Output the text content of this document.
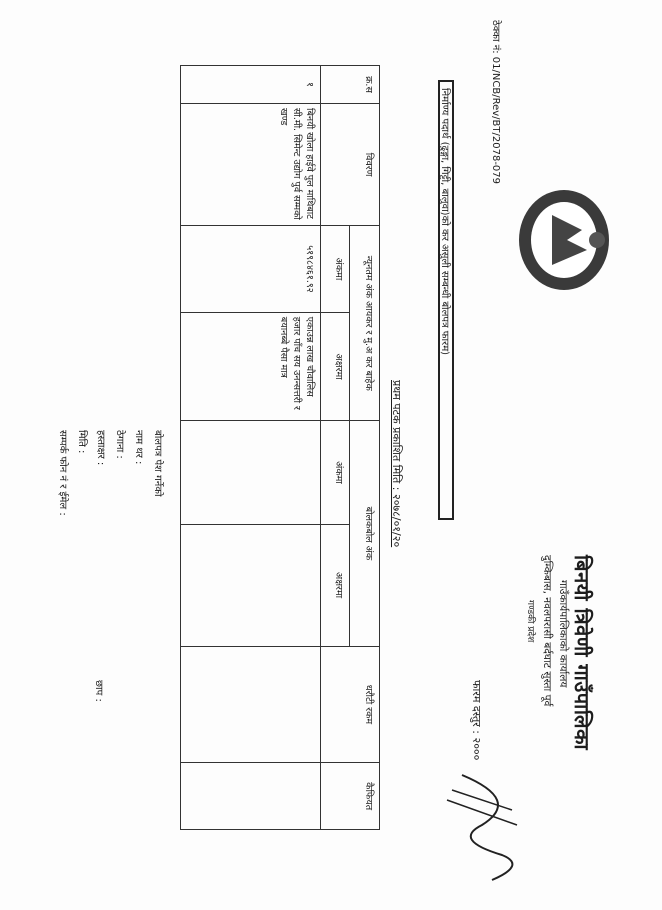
बिनयी त्रिवेणी गाउँपालिका
गाउँकार्यपालिकाको कार्यालय
दुम्किबास, नवलपरासी बर्दघाट सुस्ता पूर्व
गण्डकी प्रदेश
ठेक्का नं: 01/NCB/Rev/BT/2078-079
निर्माण्य पदार्थ (ढुङ्गा, गिट्टी, बालुवा)को कर असुली सम्बन्धी बोलपत्र फारम)
फारम दस्तुर : २०००
प्रथम पटक प्रकाशित मिति : २०७८/०१/२०
क्र.स	विवरण	न्यूनतम अंक आयकर र मु.अ कर बाहेक		बोलकबोल अंक		धरौटी रकम	कैफियत
		अंकमा	अक्षरमा	अंकमा	अक्षरमा		
१	बिनयी खोला हाईवे पुल माथिबाट सी.मी. सिमेन्ट उद्योग पुर्व सम्मको खण्ड	५१९८४६१.९२	एकाउन्न लाख चौवालिस हजार पाँच सय उनन्सत्तरी र बयानब्बे पैसा मात्र				
बोलपत्र पेश गर्नेको
नाम थर :
ठेगाना :
हस्ताक्षर :
मिति :
सम्पर्क फोन नं र ईमेल :
छाप :
